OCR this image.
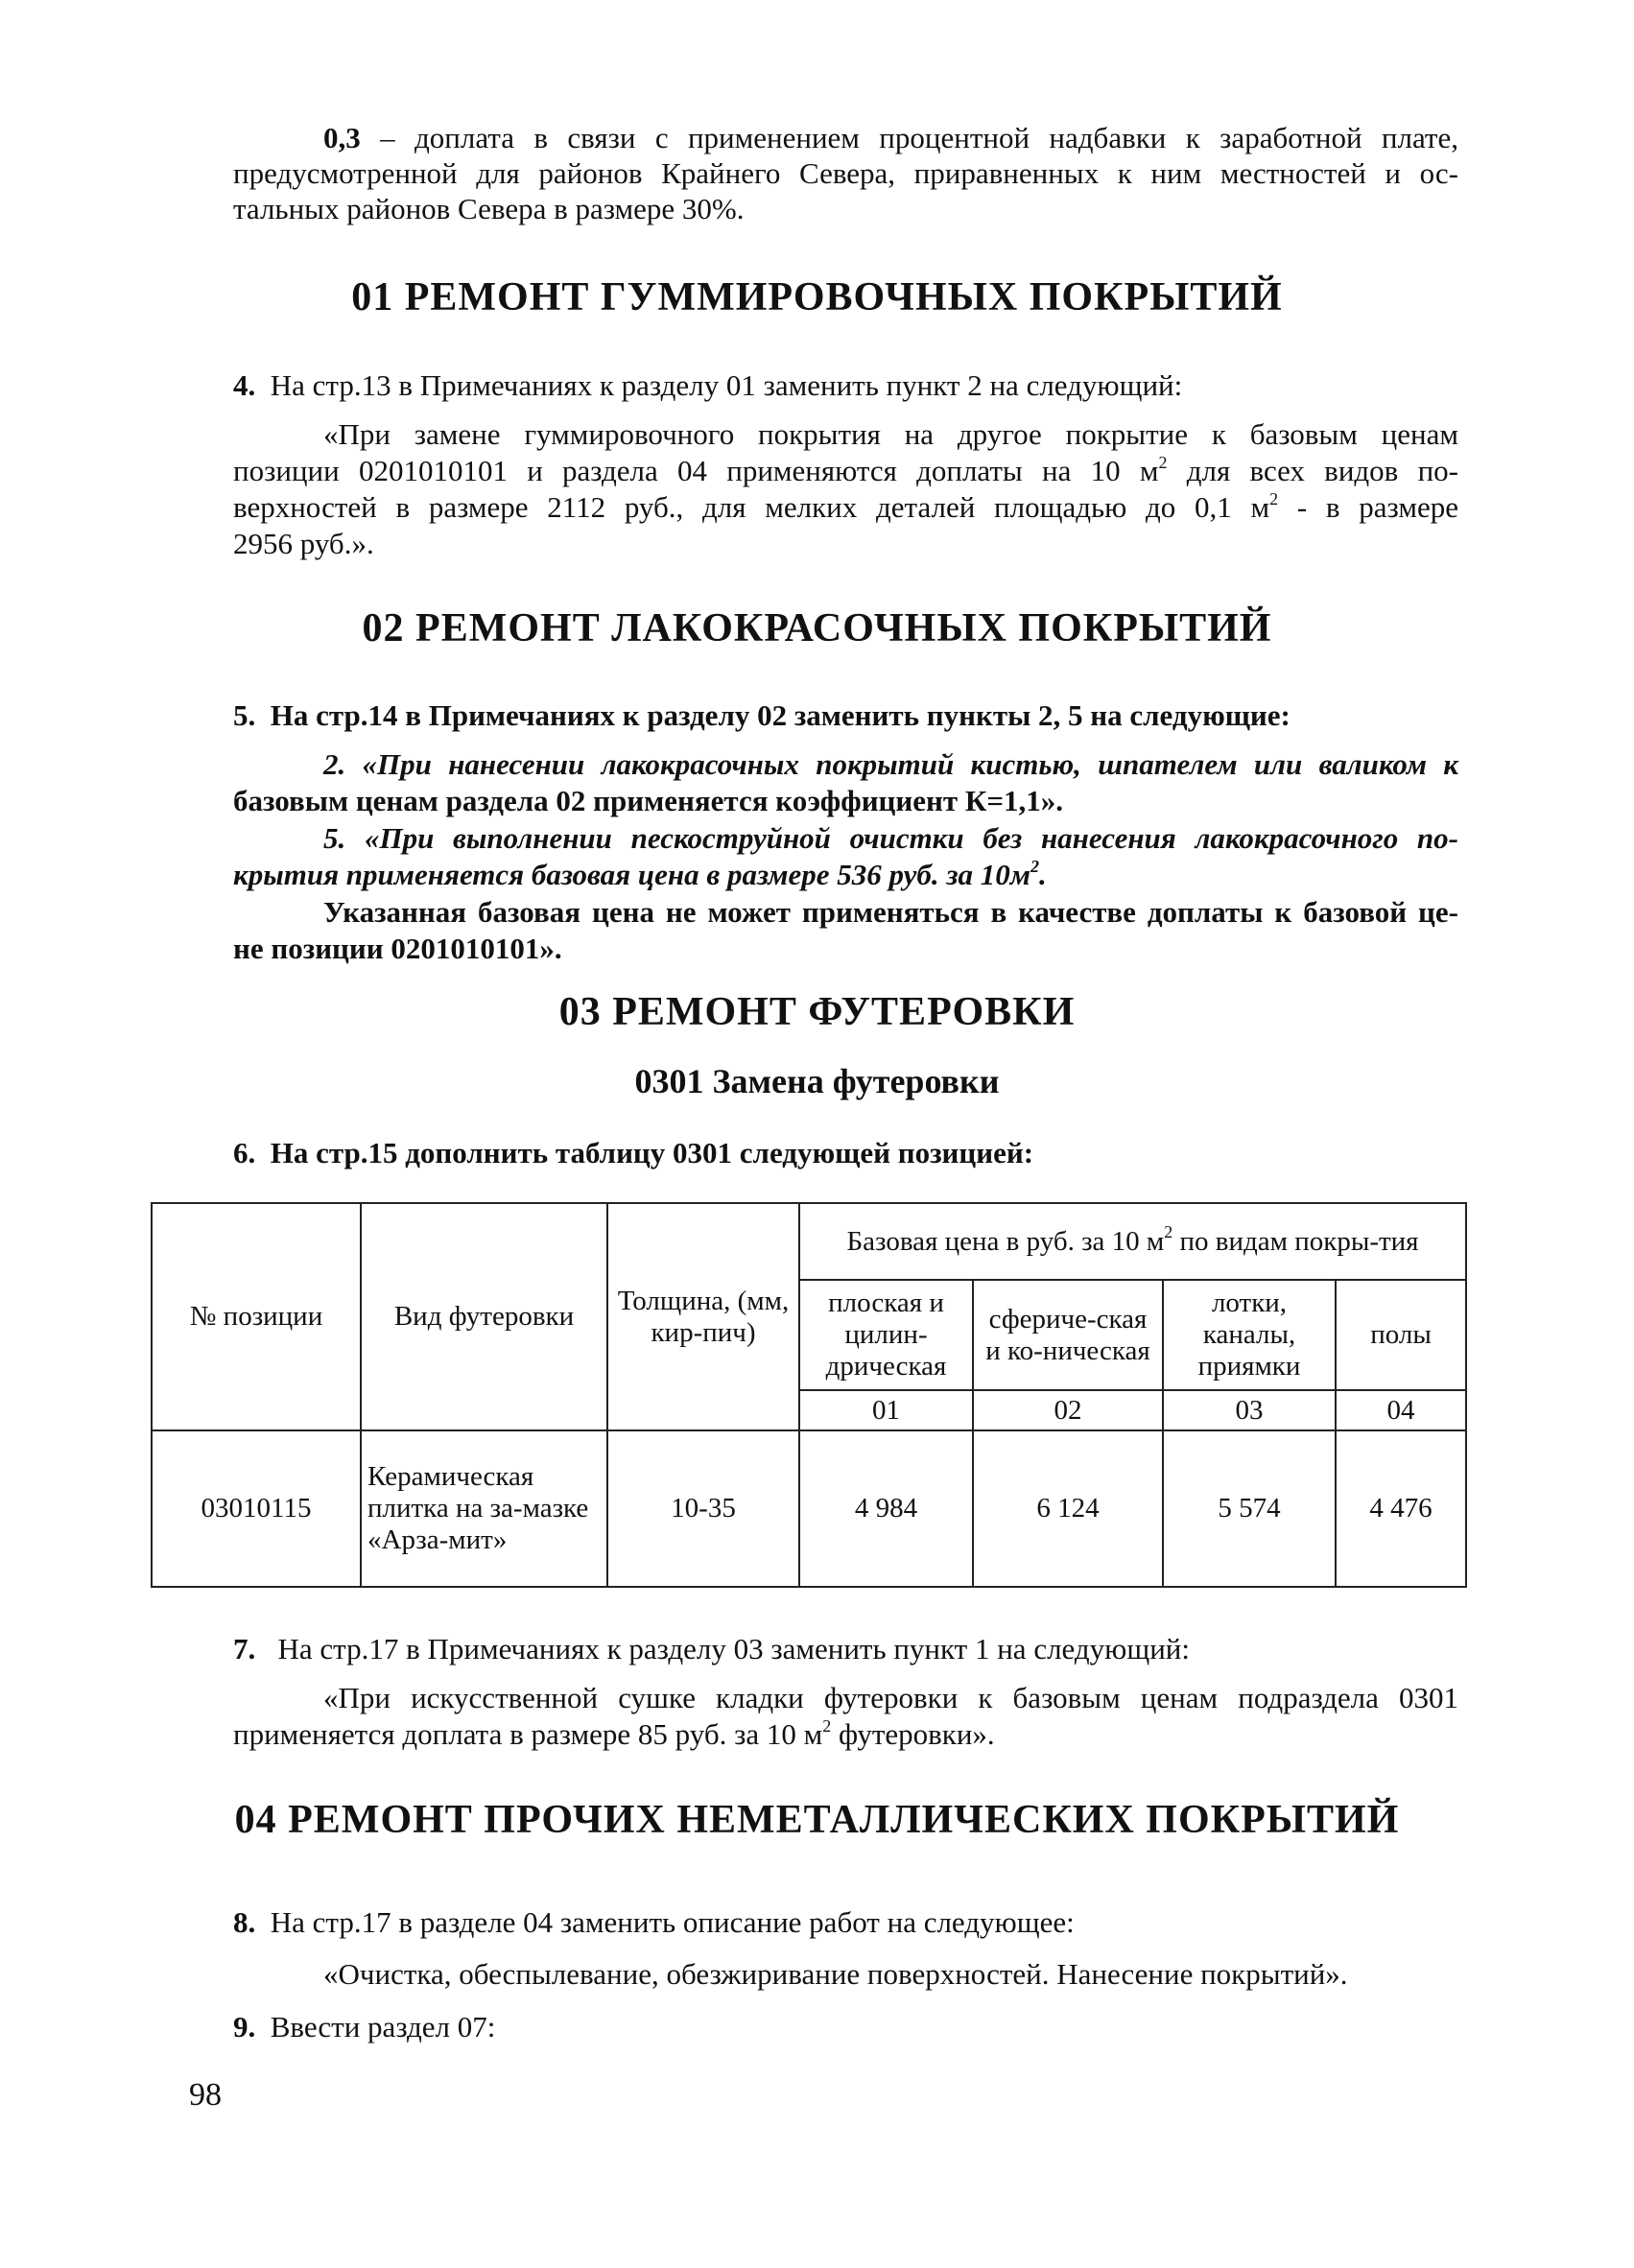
0,3 – доплата в связи с применением процентной надбавки к заработной плате,
предусмотренной для районов Крайнего Севера, приравненных к ним местностей и ос-
тальных районов Севера в размере 30%.
01 РЕМОНТ ГУММИРОВОЧНЫХ ПОКРЫТИЙ
4. На стр.13 в Примечаниях к разделу 01 заменить пункт 2 на следующий:
«При замене гуммировочного покрытия на другое покрытие к базовым ценам
позиции 0201010101 и раздела 04 применяются доплаты на 10 $м^2$ для всех видов по-
верхностей в размере 2112 руб., для мелких деталей площадью до 0,1 $м^2$ - в размере
2956 руб.».
02 РЕМОНТ ЛАКОКРАСОЧНЫХ ПОКРЫТИЙ
5. На стр.14 в Примечаниях к разделу 02 заменить пункты 2, 5 на следующие:
2. «При нанесении лакокрасочных покрытий кистью, шпателем или валиком к
базовым ценам раздела 02 применяется коэффициент К=1,1».
5. «При выполнении пескоструйной очистки без нанесения лакокрасочного по-
крытия применяется базовая цена в размере 536 руб. за $10м^2$.
Указанная базовая цена не может применяться в качестве доплаты к базовой це-
не позиции 0201010101».
03 РЕМОНТ ФУТЕРОВКИ
0301 Замена футеровки
6. На стр.15 дополнить таблицу 0301 следующей позицией:
№ позиции	Вид футеровки	Толщина, (мм, кир-пич)	Базовая цена в руб. за 10 $м^2$ по видам покры-тия			
			плоская и цилин-дрическая	сфериче-ская и ко-ническая	лотки, каналы, приямки	полы
			01	02	03	04
03010115	Керамическая плитка на за-мазке «Арза-мит»	10-35	4 984	6 124	5 574	4 476
7. На стр.17 в Примечаниях к разделу 03 заменить пункт 1 на следующий:
«При искусственной сушке кладки футеровки к базовым ценам подраздела 0301
применяется доплата в размере 85 руб. за 10 $м^2$ футеровки».
04 РЕМОНТ ПРОЧИХ НЕМЕТАЛЛИЧЕСКИХ ПОКРЫТИЙ
8. На стр.17 в разделе 04 заменить описание работ на следующее:
«Очистка, обеспылевание, обезжиривание поверхностей. Нанесение покрытий».
9. Ввести раздел 07:
98
